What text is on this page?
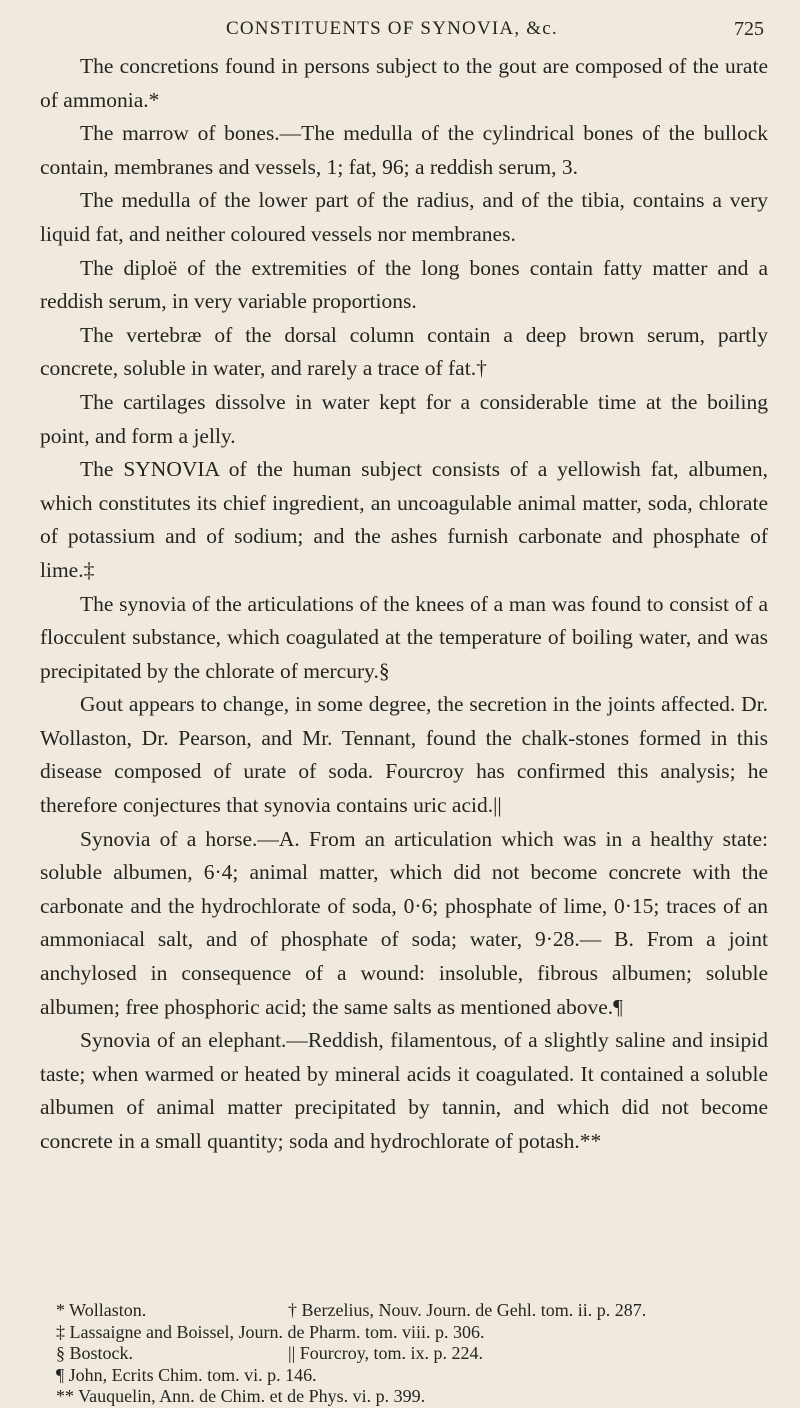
CONSTITUENTS OF SYNOVIA, &c.	725

The concretions found in persons subject to the gout are composed of the urate of ammonia.*

The marrow of bones.—The medulla of the cylindrical bones of the bullock contain, membranes and vessels, 1; fat, 96; a reddish serum, 3.

The medulla of the lower part of the radius, and of the tibia, contains a very liquid fat, and neither coloured vessels nor membranes.

The diploë of the extremities of the long bones contain fatty matter and a reddish serum, in very variable proportions.

The vertebræ of the dorsal column contain a deep brown serum, partly concrete, soluble in water, and rarely a trace of fat.†

The cartilages dissolve in water kept for a considerable time at the boiling point, and form a jelly.

The SYNOVIA of the human subject consists of a yellowish fat, albumen, which constitutes its chief ingredient, an uncoagulable animal matter, soda, chlorate of potassium and of sodium; and the ashes furnish carbonate and phosphate of lime.‡

The synovia of the articulations of the knees of a man was found to consist of a flocculent substance, which coagulated at the temperature of boiling water, and was precipitated by the chlorate of mercury.§

Gout appears to change, in some degree, the secretion in the joints affected. Dr. Wollaston, Dr. Pearson, and Mr. Tennant, found the chalk-stones formed in this disease composed of urate of soda. Fourcroy has confirmed this analysis; he therefore conjectures that synovia contains uric acid.||

Synovia of a horse.—A. From an articulation which was in a healthy state: soluble albumen, 6·4; animal matter, which did not become concrete with the carbonate and the hydrochlorate of soda, 0·6; phosphate of lime, 0·15; traces of an ammoniacal salt, and of phosphate of soda; water, 9·28.— B. From a joint anchylosed in consequence of a wound: insoluble, fibrous albumen; soluble albumen; free phosphoric acid; the same salts as mentioned above.¶

Synovia of an elephant.—Reddish, filamentous, of a slightly saline and insipid taste; when warmed or heated by mineral acids it coagulated. It contained a soluble albumen of animal matter precipitated by tannin, and which did not become concrete in a small quantity; soda and hydrochlorate of potash.**

* Wollaston.	† Berzelius, Nouv. Journ. de Gehl. tom. ii. p. 287.
‡ Lassaigne and Boissel, Journ. de Pharm. tom. viii. p. 306.
§ Bostock.	|| Fourcroy, tom. ix. p. 224.
¶ John, Ecrits Chim. tom. vi. p. 146.
** Vauquelin, Ann. de Chim. et de Phys. vi. p. 399.
